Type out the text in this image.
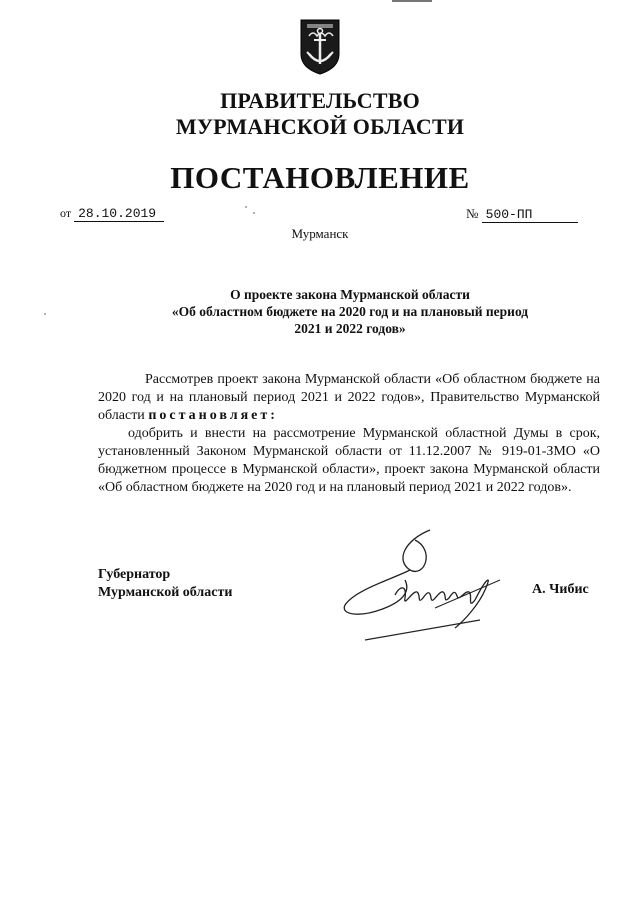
ПРАВИТЕЛЬСТВО
МУРМАНСКОЙ ОБЛАСТИ
ПОСТАНОВЛЕНИЕ
от 28.10.2019	№ 500-ПП
Мурманск
О проекте закона Мурманской области
«Об областном бюджете на 2020 год и на плановый период
2021 и 2022 годов»
Рассмотрев проект закона Мурманской области «Об областном бюджете на 2020 год и на плановый период 2021 и 2022 годов», Правительство Мурманской области постановляет:
одобрить и внести на рассмотрение Мурманской областной Думы в срок, установленный Законом Мурманской области от 11.12.2007 № 919-01-ЗМО «О бюджетном процессе в Мурманской области», проект закона Мурманской области «Об областном бюджете на 2020 год и на плановый период 2021 и 2022 годов».
Губернатор
Мурманской области	А. Чибис
